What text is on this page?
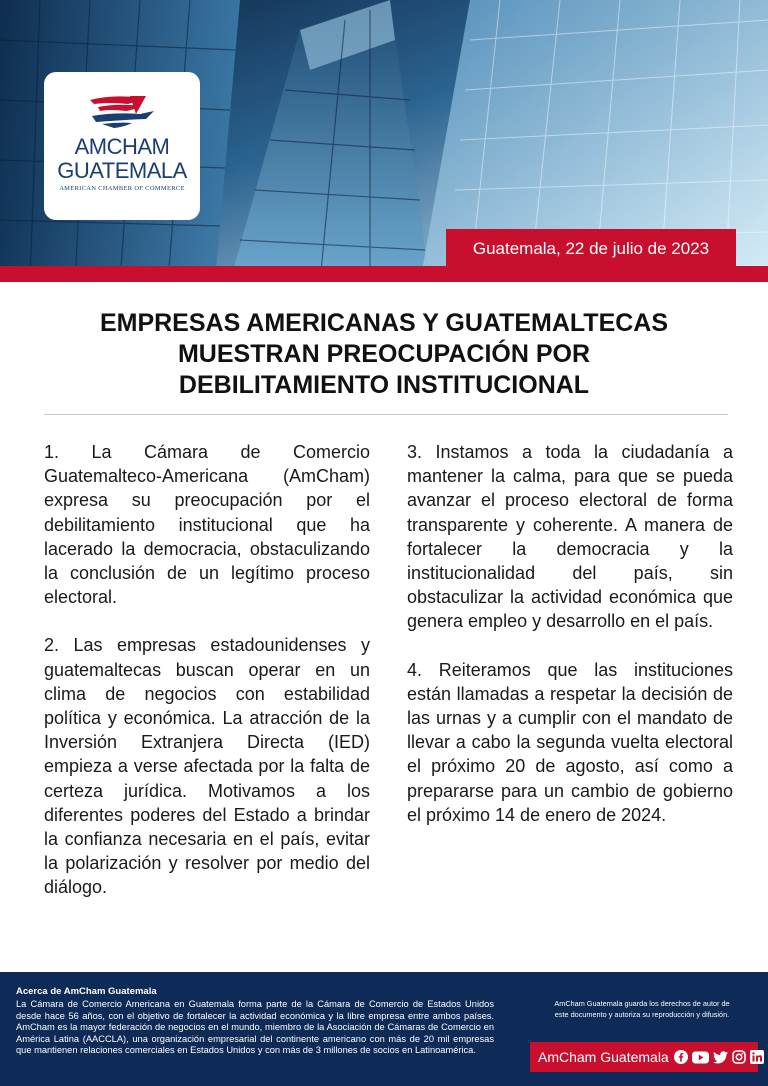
AMCHAM
GUATEMALA
AMERICAN CHAMBER OF COMMERCE
Guatemala, 22 de julio de 2023
EMPRESAS AMERICANAS Y GUATEMALTECAS
MUESTRAN PREOCUPACIÓN POR
DEBILITAMIENTO INSTITUCIONAL

1. La Cámara de Comercio Guatemalteco-Americana (AmCham) expresa su preocupación por el debilitamiento institucional que ha lacerado la democracia, obstaculizando la conclusión de un legítimo proceso electoral.

2. Las empresas estadounidenses y guatemaltecas buscan operar en un clima de negocios con estabilidad política y económica. La atracción de la Inversión Extranjera Directa (IED) empieza a verse afectada por la falta de certeza jurídica. Motivamos a los diferentes poderes del Estado a brindar la confianza necesaria en el país, evitar la polarización y resolver por medio del diálogo.

3. Instamos a toda la ciudadanía a mantener la calma, para que se pueda avanzar el proceso electoral de forma transparente y coherente. A manera de fortalecer la democracia y la institucionalidad del país, sin obstaculizar la actividad económica que genera empleo y desarrollo en el país.

4. Reiteramos que las instituciones están llamadas a respetar la decisión de las urnas y a cumplir con el mandato de llevar a cabo la segunda vuelta electoral el próximo 20 de agosto, así como a prepararse para un cambio de gobierno el próximo 14 de enero de 2024.

Acerca de AmCham Guatemala
La Cámara de Comercio Americana en Guatemala forma parte de la Cámara de Comercio de Estados Unidos desde hace 56 años, con el objetivo de fortalecer la actividad económica y la libre empresa entre ambos países. AmCham es la mayor federación de negocios en el mundo, miembro de la Asociación de Cámaras de Comercio en América Latina (AACCLA), una organización empresarial del continente americano con más de 20 mil empresas que mantienen relaciones comerciales en Estados Unidos y con más de 3 millones de socios en Latinoamérica.
AmCham Guatemala guarda los derechos de autor de
este documento y autoriza su reproducción y difusión.
AmCham Guatemala
